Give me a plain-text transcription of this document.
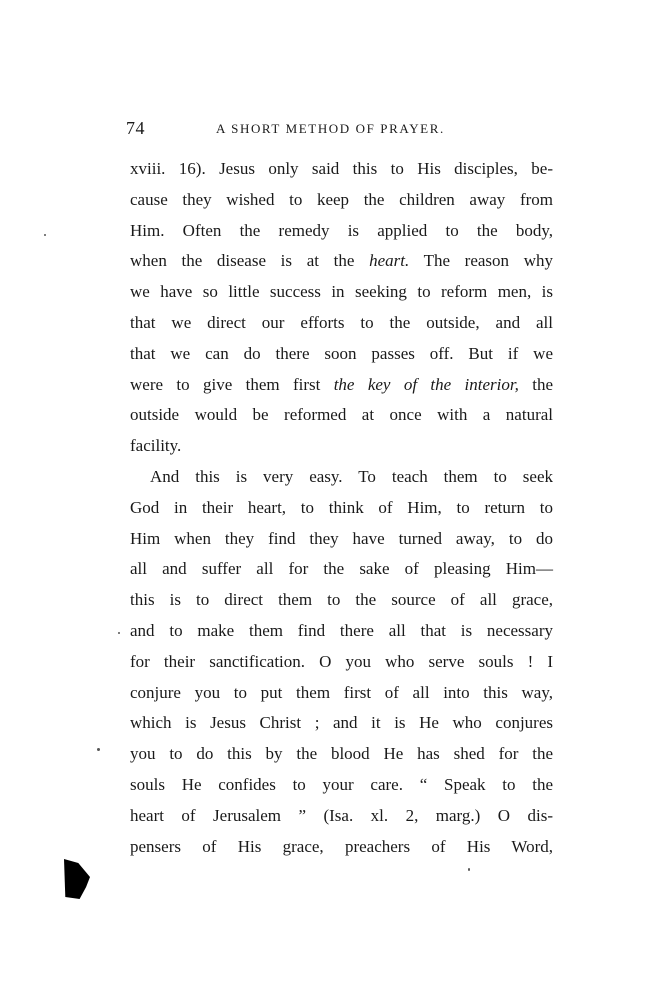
74	A SHORT METHOD OF PRAYER.
xviii. 16). Jesus only said this to His disciples, be-
cause they wished to keep the children away from
Him. Often the remedy is applied to the body,
when the disease is at the heart. The reason why
we have so little success in seeking to reform men, is
that we direct our efforts to the outside, and all
that we can do there soon passes off. But if we
were to give them first the key of the interior, the
outside would be reformed at once with a natural
facility.
And this is very easy. To teach them to seek
God in their heart, to think of Him, to return to
Him when they find they have turned away, to do
all and suffer all for the sake of pleasing Him—
this is to direct them to the source of all grace,
and to make them find there all that is necessary
for their sanctification. O you who serve souls ! I
conjure you to put them first of all into this way,
which is Jesus Christ ; and it is He who conjures
you to do this by the blood He has shed for the
souls He confides to your care. “ Speak to the
heart of Jerusalem ” (Isa. xl. 2, marg.) O dis-
pensers of His grace, preachers of His Word,
